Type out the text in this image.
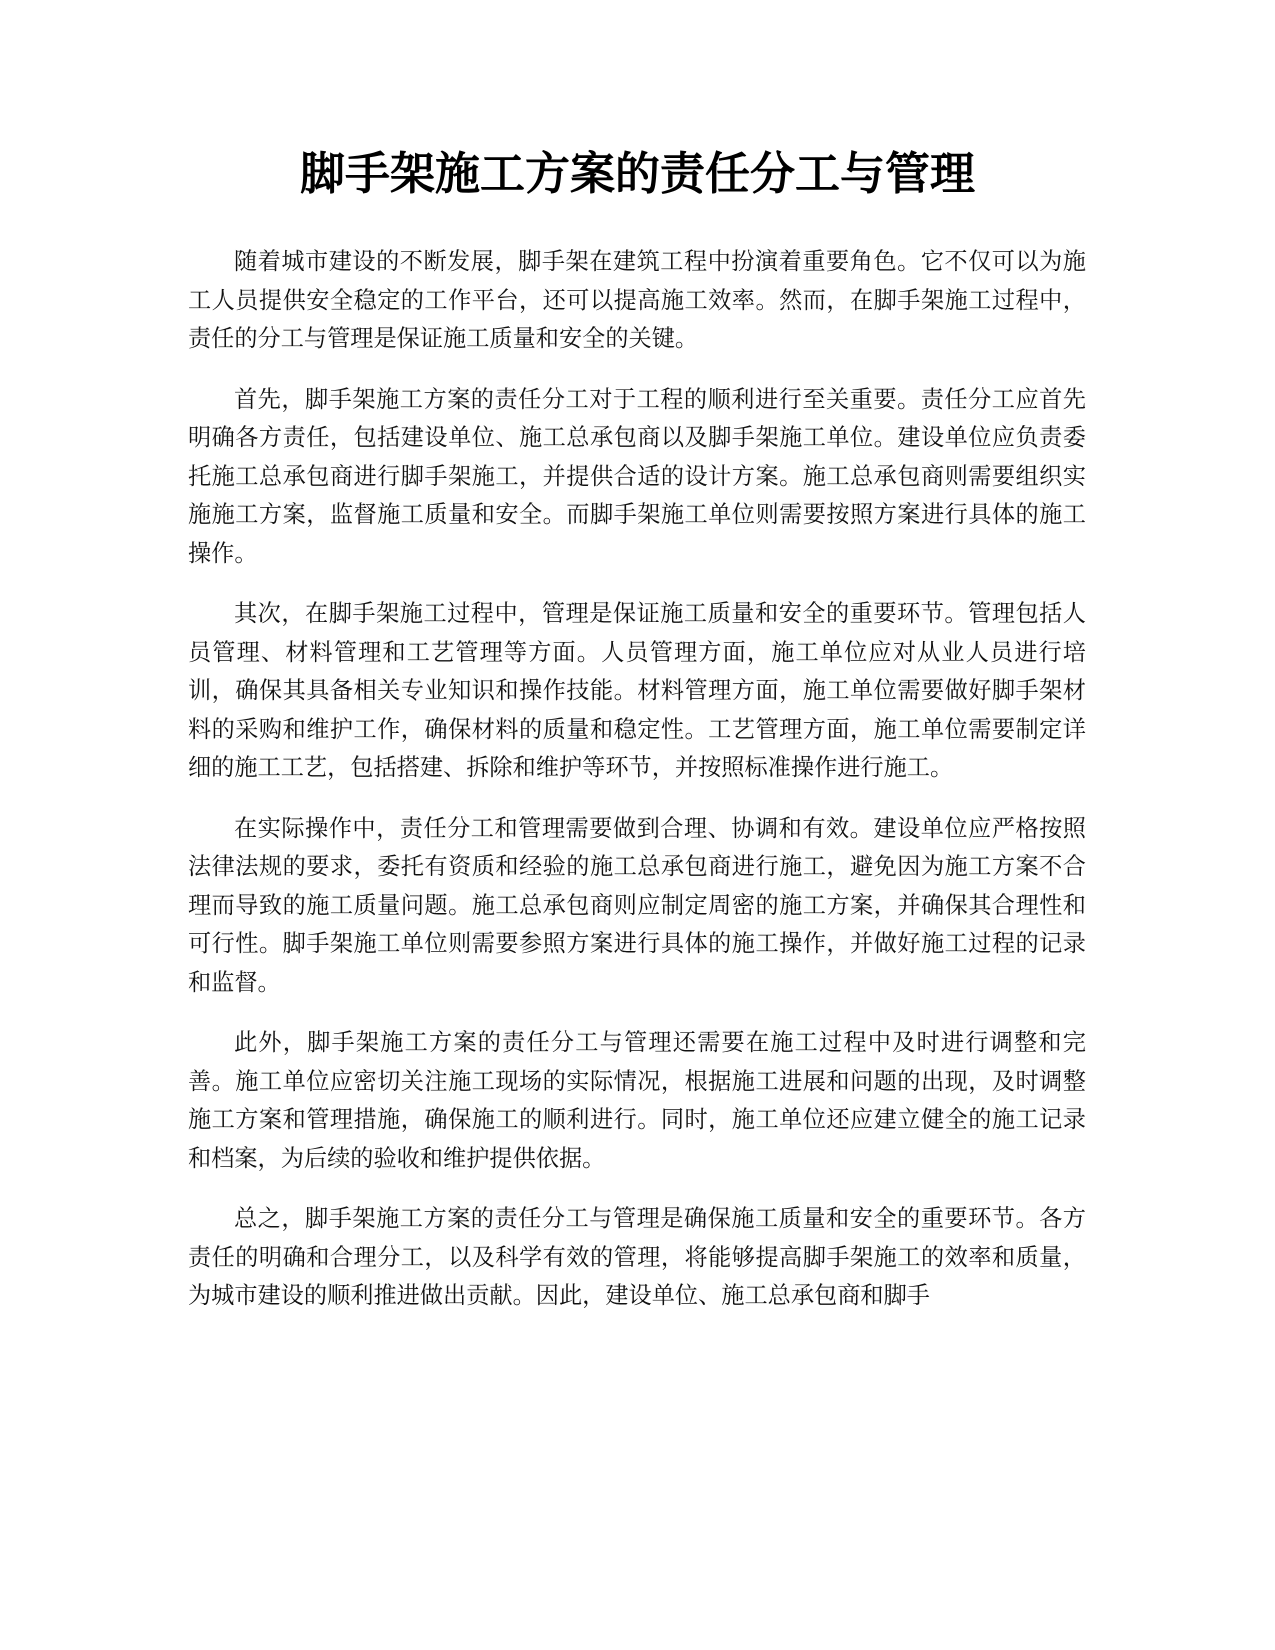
脚手架施工方案的责任分工与管理

随着城市建设的不断发展，脚手架在建筑工程中扮演着重要角色。它不仅可以为施工人员提供安全稳定的工作平台，还可以提高施工效率。然而，在脚手架施工过程中，责任的分工与管理是保证施工质量和安全的关键。

首先，脚手架施工方案的责任分工对于工程的顺利进行至关重要。责任分工应首先明确各方责任，包括建设单位、施工总承包商以及脚手架施工单位。建设单位应负责委托施工总承包商进行脚手架施工，并提供合适的设计方案。施工总承包商则需要组织实施施工方案，监督施工质量和安全。而脚手架施工单位则需要按照方案进行具体的施工操作。

其次，在脚手架施工过程中，管理是保证施工质量和安全的重要环节。管理包括人员管理、材料管理和工艺管理等方面。人员管理方面，施工单位应对从业人员进行培训，确保其具备相关专业知识和操作技能。材料管理方面，施工单位需要做好脚手架材料的采购和维护工作，确保材料的质量和稳定性。工艺管理方面，施工单位需要制定详细的施工工艺，包括搭建、拆除和维护等环节，并按照标准操作进行施工。

在实际操作中，责任分工和管理需要做到合理、协调和有效。建设单位应严格按照法律法规的要求，委托有资质和经验的施工总承包商进行施工，避免因为施工方案不合理而导致的施工质量问题。施工总承包商则应制定周密的施工方案，并确保其合理性和可行性。脚手架施工单位则需要参照方案进行具体的施工操作，并做好施工过程的记录和监督。

此外，脚手架施工方案的责任分工与管理还需要在施工过程中及时进行调整和完善。施工单位应密切关注施工现场的实际情况，根据施工进展和问题的出现，及时调整施工方案和管理措施，确保施工的顺利进行。同时，施工单位还应建立健全的施工记录和档案，为后续的验收和维护提供依据。

总之，脚手架施工方案的责任分工与管理是确保施工质量和安全的重要环节。各方责任的明确和合理分工，以及科学有效的管理，将能够提高脚手架施工的效率和质量，为城市建设的顺利推进做出贡献。因此，建设单位、施工总承包商和脚手
